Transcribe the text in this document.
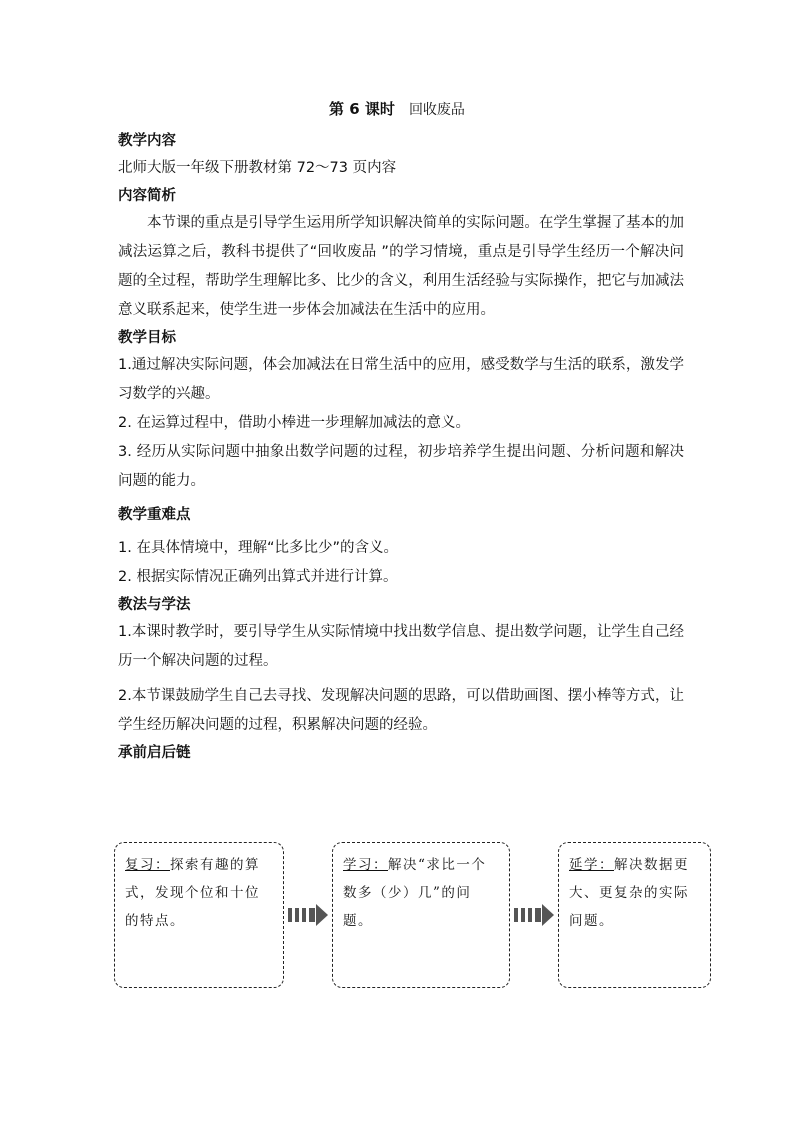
第 6 课时 回收废品

教学内容

北师大版一年级下册教材第 72～73 页内容

内容简析

本节课的重点是引导学生运用所学知识解决简单的实际问题。在学生掌握了基本的加减法运算之后，教科书提供了“回收废品 ”的学习情境，重点是引导学生经历一个解决问题的全过程，帮助学生理解比多、比少的含义，利用生活经验与实际操作，把它与加减法意义联系起来，使学生进一步体会加减法在生活中的应用。

教学目标

1.通过解决实际问题，体会加减法在日常生活中的应用，感受数学与生活的联系，激发学习数学的兴趣。

2. 在运算过程中，借助小棒进一步理解加减法的意义。

3. 经历从实际问题中抽象出数学问题的过程，初步培养学生提出问题、分析问题和解决问题的能力。

教学重难点

1. 在具体情境中，理解“比多比少”的含义。

2. 根据实际情况正确列出算式并进行计算。

教法与学法

1.本课时教学时，要引导学生从实际情境中找出数学信息、提出数学问题，让学生自己经历一个解决问题的过程。

2.本节课鼓励学生自己去寻找、发现解决问题的思路，可以借助画图、摆小棒等方式，让学生经历解决问题的过程，积累解决问题的经验。

承前启后链

复习：探索有趣的算式，发现个位和十位的特点。
学习：解决“求比一个数多（少）几”的问题。
延学：解决数据更大、更复杂的实际问题。
